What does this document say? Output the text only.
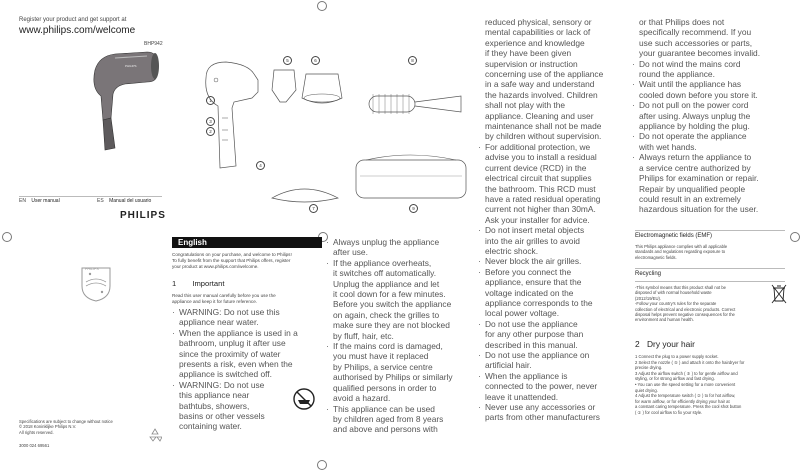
Register your product and get support at
www.philips.com/welcome
BHP942
PHILIPS
1
2
3
4
5	6	8
7	9
EN User manual	ES Manual del usuario
PHILIPS
PHILIPS
Specifications are subject to change without notice
© 2018 Koninklijke Philips N.V.
All rights reserved.
3000 024 69561
English
Congratulations on your purchase, and welcome to Philips!
To fully benefit from the support that Philips offers, register
your product at www.philips.com/welcome.
1 Important
Read this user manual carefully before you use the
appliance and keep it for future reference.
· WARNING: Do not use this
appliance near water.
· When the appliance is used in a
bathroom, unplug it after use
since the proximity of water
presents a risk, even when the
appliance is switched off.
· WARNING: Do not use
this appliance near
bathtubs, showers,
basins or other vessels
containing water.
· Always unplug the appliance
after use.
· If the appliance overheats,
it switches off automatically.
Unplug the appliance and let
it cool down for a few minutes.
Before you switch the appliance
on again, check the grilles to
make sure they are not blocked
by fluff, hair, etc.
· If the mains cord is damaged,
you must have it replaced
by Philips, a service centre
authorised by Philips or similarly
qualified persons in order to
avoid a hazard.
· This appliance can be used
by children aged from 8 years
and above and persons with
reduced physical, sensory or
mental capabilities or lack of
experience and knowledge
if they have been given
supervision or instruction
concerning use of the appliance
in a safe way and understand
the hazards involved. Children
shall not play with the
appliance. Cleaning and user
maintenance shall not be made
by children without supervision.
· For additional protection, we
advise you to install a residual
current device (RCD) in the
electrical circuit that supplies
the bathroom. This RCD must
have a rated residual operating
current not higher than 30mA.
Ask your installer for advice.
· Do not insert metal objects
into the air grilles to avoid
electric shock.
· Never block the air grilles.
· Before you connect the
appliance, ensure that the
voltage indicated on the
appliance corresponds to the
local power voltage.
· Do not use the appliance
for any other purpose than
described in this manual.
· Do not use the appliance on
artificial hair.
· When the appliance is
connected to the power, never
leave it unattended.
· Never use any accessories or
parts from other manufacturers
or that Philips does not
specifically recommend. If you
use such accessories or parts,
your guarantee becomes invalid.
· Do not wind the mains cord
round the appliance.
· Wait until the appliance has
cooled down before you store it.
· Do not pull on the power cord
after using. Always unplug the
appliance by holding the plug.
· Do not operate the appliance
with wet hands.
· Always return the appliance to
a service centre authorized by
Philips for examination or repair.
Repair by unqualified people
could result in an extremely
hazardous situation for the user.
Electromagnetic fields (EMF)
This Philips appliance complies with all applicable
standards and regulations regarding exposure to
electromagnetic fields.
Recycling
-This symbol means that this product shall not be
disposed of with normal household waste
(2012/19/EU).
-Follow your country's rules for the separate
collection of electrical and electronic products. Correct
disposal helps prevent negative consequences for the
environment and human health.
2 Dry your hair
1 Connect the plug to a power supply socket.
2 Select the nozzle ( ⑤ ) and attach it onto the hairdryer for
precise drying.
3 Adjust the airflow switch ( ③ ) to for gentle airflow and
styling, or for strong airflow and fast drying.
• You can use the speed setting for a more convenient
quiet drying.
4 Adjust the temperature switch ( ② ) to for hot airflow,
for warm airflow, or for efficiently drying your hair at
a constant caring temperature. Press the cool shot button
( ① ) for cool airflow to fix your style.
